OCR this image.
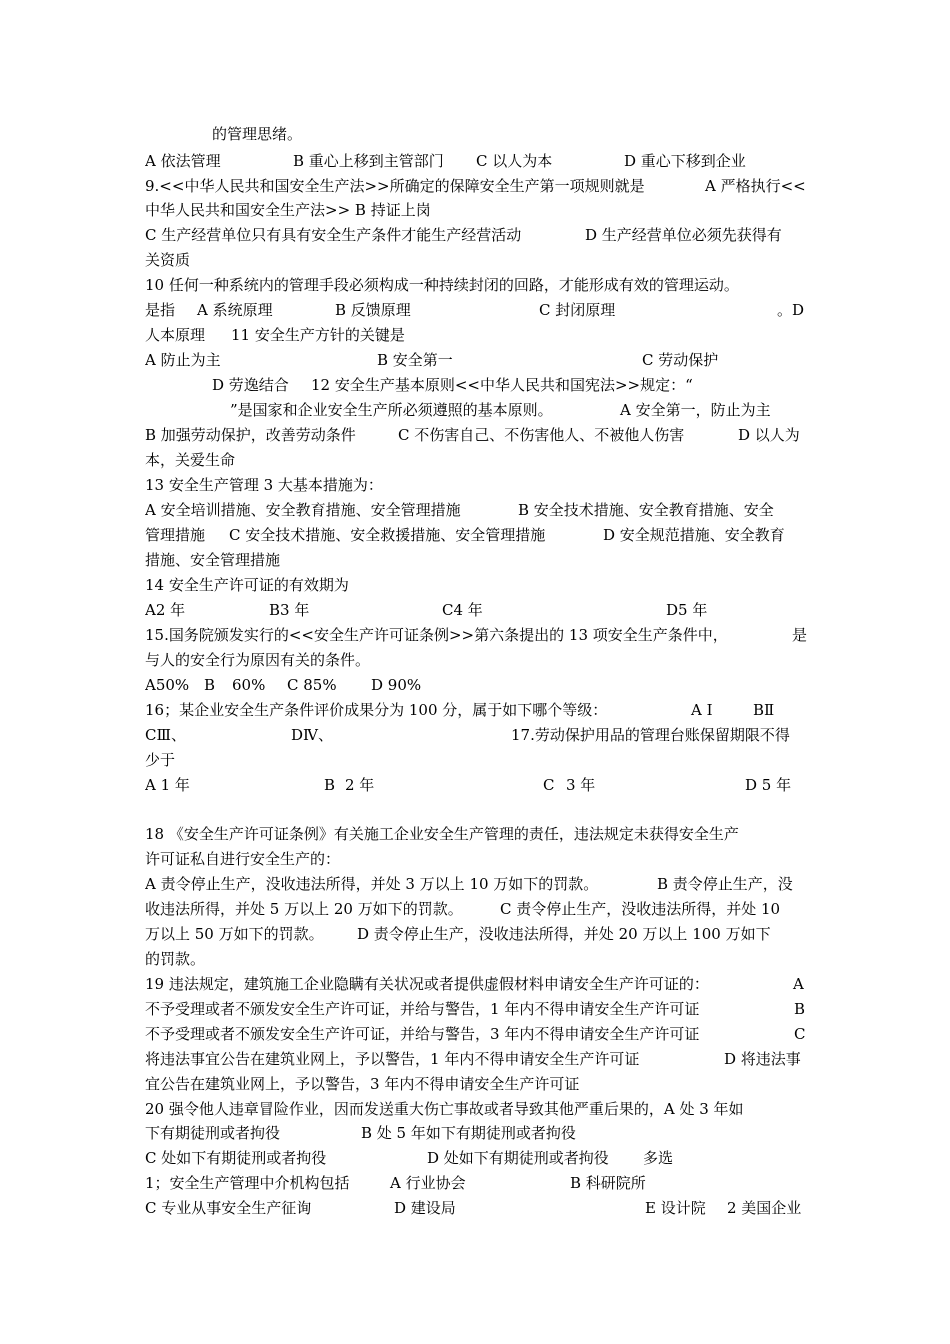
的管理思绪。
A 依法管理	B 重心上移到主管部门 C 以人为本	D 重心下移到企业
9.<<中华人民共和国安全生产法>>所确定的保障安全生产第一项规则就是	A 严格执行<<
中华人民共和国安全生产法>> B 持证上岗
C 生产经营单位只有具有安全生产条件才能生产经营活动	D 生产经营单位必须先获得有
关资质
10 任何一种系统内的管理手段必须构成一种持续封闭的回路，才能形成有效的管理运动。
是指 A 系统原理	B 反馈原理	C 封闭原理	。D
人本原理 11 安全生产方针的关键是
A 防止为主	B 安全第一	C 劳动保护
D 劳逸结合 12 安全生产基本原则<<中华人民共和国宪法>>规定：“
”是国家和企业安全生产所必须遵照的基本原则。	A 安全第一，防止为主
B 加强劳动保护，改善劳动条件	C 不伤害自己、不伤害他人、不被他人伤害	D 以人为
本，关爱生命
13 安全生产管理 3 大基本措施为：
A 安全培训措施、安全教育措施、安全管理措施	B 安全技术措施、安全教育措施、安全
管理措施 C 安全技术措施、安全救援措施、安全管理措施	D 安全规范措施、安全教育
措施、安全管理措施
14 安全生产许可证的有效期为
A2 年	B3 年	C4 年	D5 年
15.国务院颁发实行的<<安全生产许可证条例>>第六条提出的 13 项安全生产条件中，	是
与人的安全行为原因有关的条件。
A50% B 60% C 85% D 90%
16；某企业安全生产条件评价成果分为 100 分，属于如下哪个等级：	A Ⅰ	BⅡ
CⅢ、	DⅣ、	17.劳动保护用品的管理台账保留期限不得
少于
A 1 年	B 2 年	C 3 年	D 5 年
18 《安全生产许可证条例》有关施工企业安全生产管理的责任，违法规定未获得安全生产
许可证私自进行安全生产的：
A 责令停止生产，没收违法所得，并处 3 万以上 10 万如下的罚款。	B 责令停止生产，没
收违法所得，并处 5 万以上 20 万如下的罚款。 C 责令停止生产，没收违法所得，并处 10
万以上 50 万如下的罚款。 D 责令停止生产，没收违法所得，并处 20 万以上 100 万如下
的罚款。
19 违法规定，建筑施工企业隐瞒有关状况或者提供虚假材料申请安全生产许可证的：	A
不予受理或者不颁发安全生产许可证，并给与警告，1 年内不得申请安全生产许可证	B
不予受理或者不颁发安全生产许可证，并给与警告，3 年内不得申请安全生产许可证	C
将违法事宜公告在建筑业网上，予以警告，1 年内不得申请安全生产许可证	D 将违法事
宜公告在建筑业网上，予以警告，3 年内不得申请安全生产许可证
20 强令他人违章冒险作业，因而发送重大伤亡事故或者导致其他严重后果的，A 处 3 年如
下有期徒刑或者拘役	B 处 5 年如下有期徒刑或者拘役
C 处如下有期徒刑或者拘役	D 处如下有期徒刑或者拘役 多选
1；安全生产管理中介机构包括	A 行业协会	B 科研院所
C 专业从事安全生产征询	D 建设局	E 设计院 2 美国企业
